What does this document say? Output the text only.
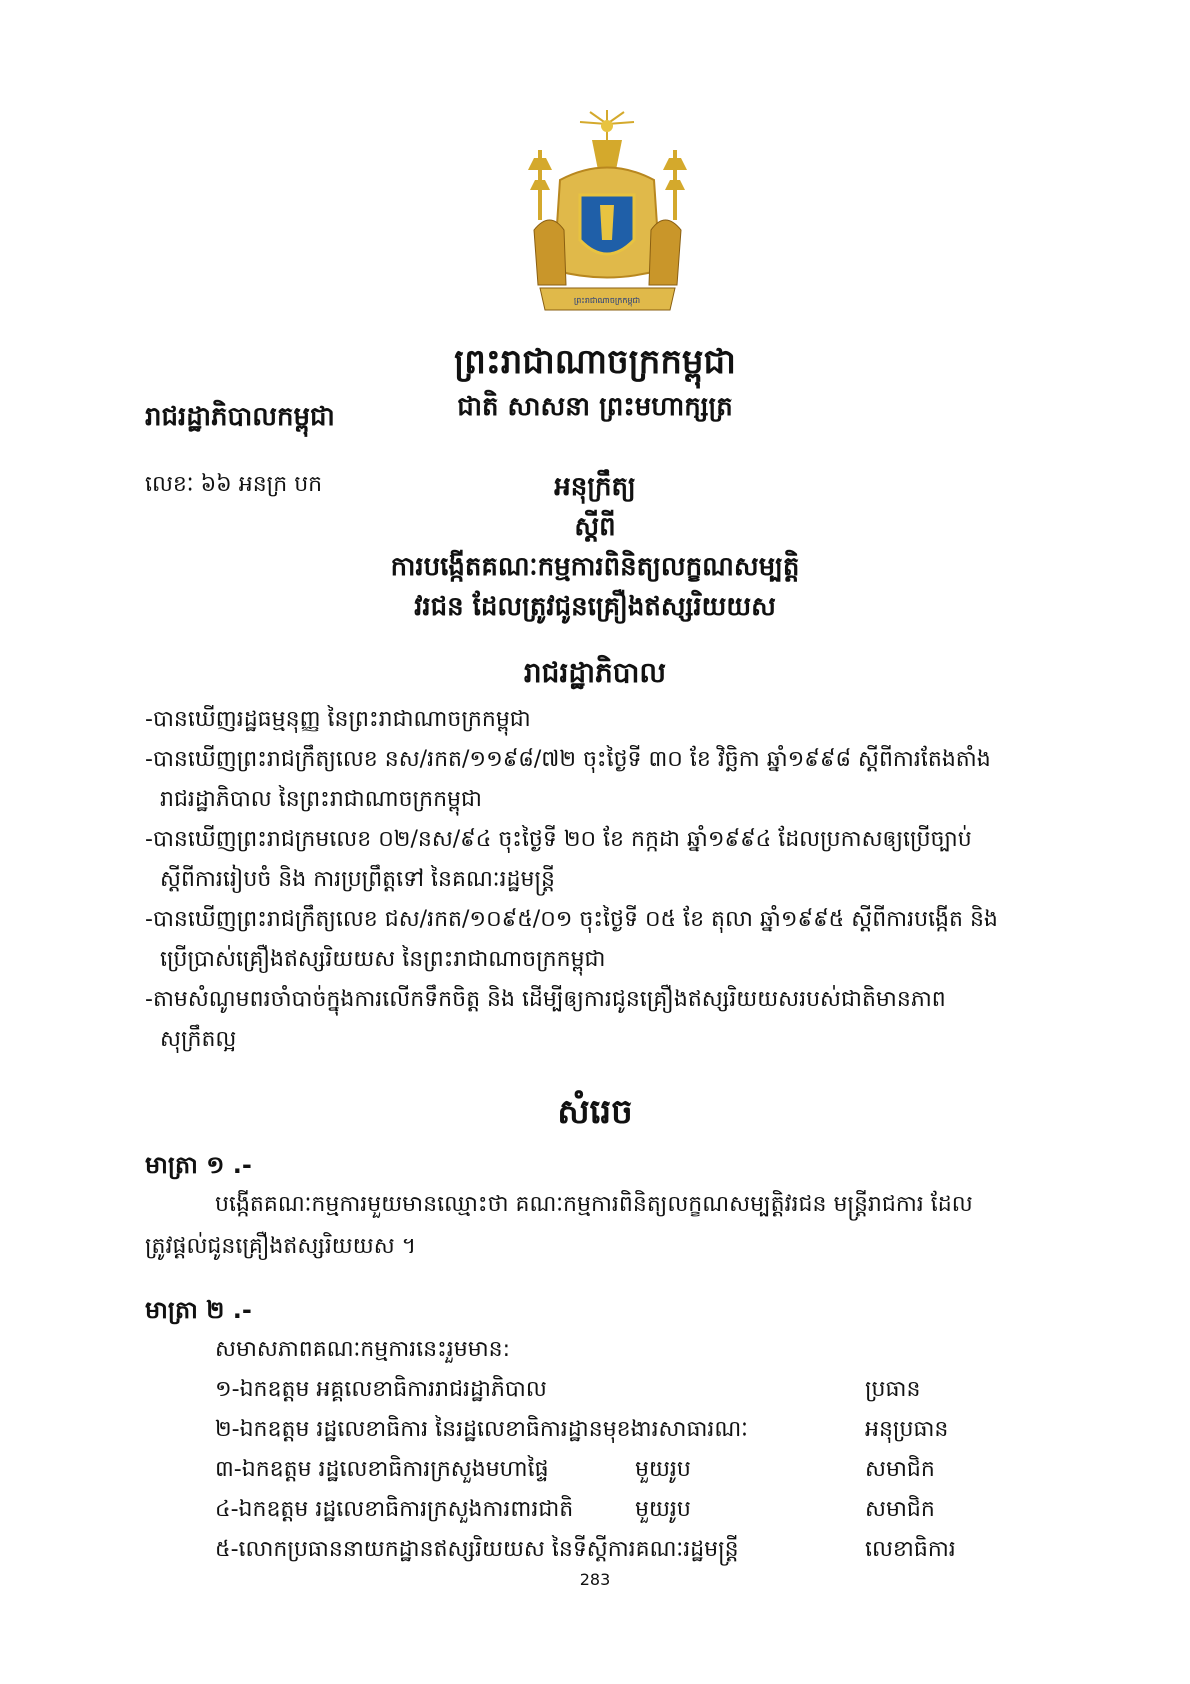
ព្រះរាជាណាចក្រកម្ពុជា
ព្រះរាជាណាចក្រកម្ពុជា
ជាតិ សាសនា ព្រះមហាក្សត្រ
រាជរដ្ឋាភិបាលកម្ពុជា
លេខៈ ៦៦ អនក្រ បក	អនុក្រឹត្យ
ស្ដីពី
ការបង្កើតគណៈកម្មការពិនិត្យលក្ខណសម្បត្តិ
វរជន ដែលត្រូវជូនគ្រឿងឥស្សរិយយស
រាជរដ្ឋាភិបាល
-បានឃើញរដ្ឋធម្មនុញ្ញ នៃព្រះរាជាណាចក្រកម្ពុជា
-បានឃើញព្រះរាជក្រឹត្យលេខ នស/រកត/១១៩៨/៧២ ចុះថ្ងៃទី ៣០ ខែ វិច្ឆិកា ឆ្នាំ១៩៩៨ ស្ដីពីការតែងតាំង
រាជរដ្ឋាភិបាល នៃព្រះរាជាណាចក្រកម្ពុជា
-បានឃើញព្រះរាជក្រមលេខ ០២/នស/៩៤ ចុះថ្ងៃទី ២០ ខែ កក្កដា ឆ្នាំ១៩៩៤ ដែលប្រកាសឲ្យប្រើច្បាប់
ស្ដីពីការរៀបចំ និង ការប្រព្រឹត្តទៅ នៃគណៈរដ្ឋមន្ត្រី
-បានឃើញព្រះរាជក្រឹត្យលេខ ជស/រកត/១០៩៥/០១ ចុះថ្ងៃទី ០៥ ខែ តុលា ឆ្នាំ១៩៩៥ ស្ដីពីការបង្កើត និង
ប្រើប្រាស់គ្រឿងឥស្សរិយយស នៃព្រះរាជាណាចក្រកម្ពុជា
-តាមសំណូមពរចាំបាច់ក្នុងការលើកទឹកចិត្ត និង ដើម្បីឲ្យការជូនគ្រឿងឥស្សរិយយសរបស់ជាតិមានភាព
សុក្រឹតល្អ
សំរេច
មាត្រា ១ .-
បង្កើតគណៈកម្មការមួយមានឈ្មោះថា គណៈកម្មការពិនិត្យលក្ខណសម្បត្តិវរជន មន្ត្រីរាជការ ដែល
ត្រូវផ្ដល់ជូនគ្រឿងឥស្សរិយយស ។
មាត្រា ២ .-
សមាសភាពគណៈកម្មការនេះរួមមាន:
១-ឯកឧត្ដម អគ្គលេខាធិការរាជរដ្ឋាភិបាល	ប្រធាន
២-ឯកឧត្ដម រដ្ឋលេខាធិការ នៃរដ្ឋលេខាធិការដ្ឋានមុខងារសាធារណៈ	អនុប្រធាន
៣-ឯកឧត្ដម រដ្ឋលេខាធិការក្រសួងមហាផ្ទៃ	មួយរូប	សមាជិក
៤-ឯកឧត្ដម រដ្ឋលេខាធិការក្រសួងការពារជាតិ	មួយរូប	សមាជិក
៥-លោកប្រធាននាយកដ្ឋានឥស្សរិយយស នៃទីស្ដីការគណៈរដ្ឋមន្ត្រី	លេខាធិការ
283
